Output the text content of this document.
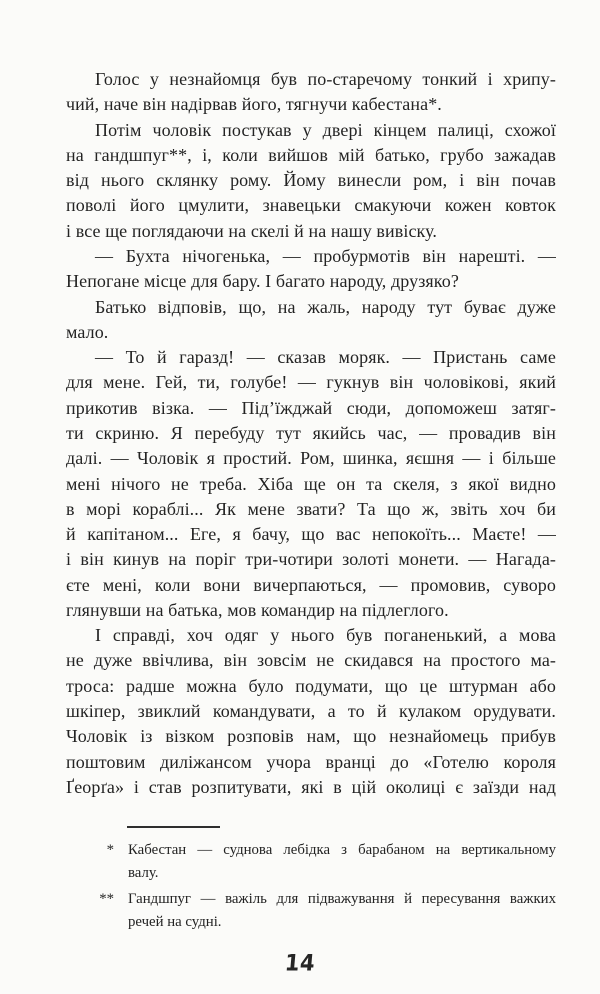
Голос у незнайомця був по-старечому тонкий і хрипу-
чий, наче він надірвав його, тягнучи кабестана*.
Потім чоловік постукав у двері кінцем палиці, схожої
на гандшпуг**, і, коли вийшов мій батько, грубо зажадав
від нього склянку рому. Йому винесли ром, і він почав
поволі його цмулити, знавецьки смакуючи кожен ковток
і все ще поглядаючи на скелі й на нашу вивіску.
— Бухта нічогенька, — пробурмотів він нарешті. —
Непогане місце для бару. І багато народу, друзяко?
Батько відповів, що, на жаль, народу тут буває дуже
мало.
— То й гаразд! — сказав моряк. — Пристань саме
для мене. Гей, ти, голубе! — гукнув він чоловікові, який
прикотив візка. — Під’їжджай сюди, допоможеш затяг-
ти скриню. Я перебуду тут якийсь час, — провадив він
далі. — Чоловік я простий. Ром, шинка, яєшня — і більше
мені нічого не треба. Хіба ще он та скеля, з якої видно
в морі кораблі... Як мене звати? Та що ж, звіть хоч би
й капітаном... Еге, я бачу, що вас непокоїть... Маєте! —
і він кинув на поріг три-чотири золоті монети. — Нагада-
єте мені, коли вони вичерпаються, — промовив, суворо
глянувши на батька, мов командир на підлеглого.
І справді, хоч одяг у нього був поганенький, а мова
не дуже ввічлива, він зовсім не скидався на простого ма-
троса: радше можна було подумати, що це штурман або
шкіпер, звиклий командувати, а то й кулаком орудувати.
Чоловік із візком розповів нам, що незнайомець прибув
поштовим диліжансом учора вранці до «Готелю короля
Ґеорґа» і став розпитувати, які в цій околиці є заїзди над
* Кабестан — суднова лебідка з барабаном на вертикальному
валу.
** Гандшпуг — важіль для підважування й пересування важких
речей на судні.
14
